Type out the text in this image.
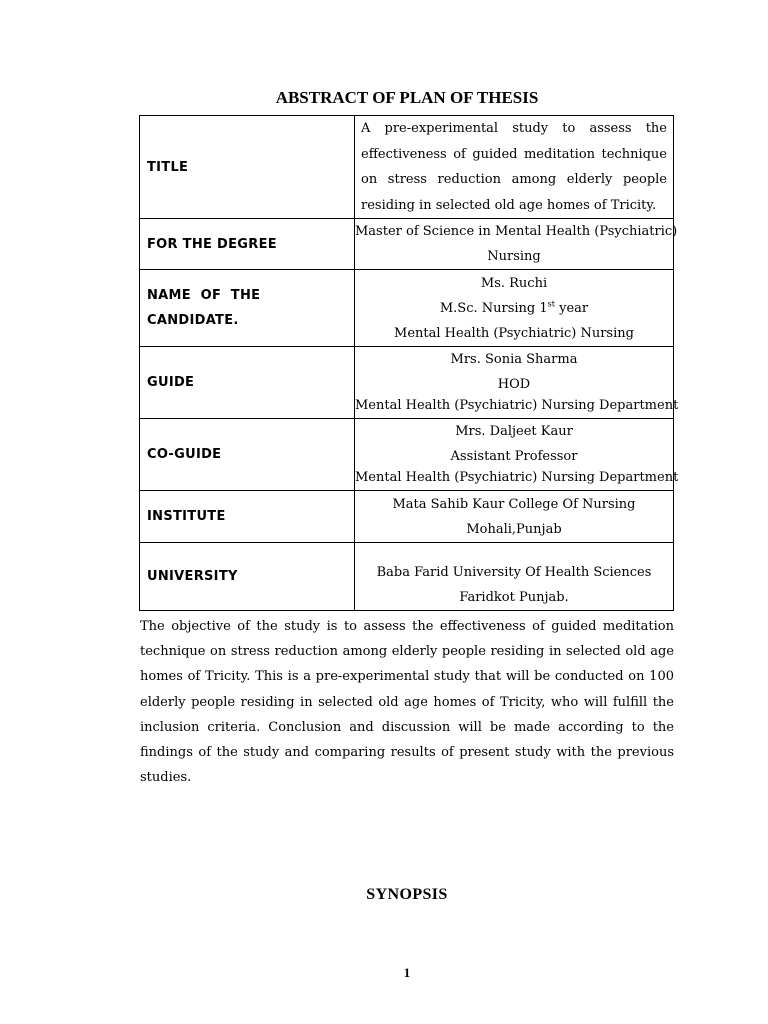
ABSTRACT OF PLAN OF THESIS
TITLE	A pre-experimental study to assess the effectiveness of guided meditation technique on stress reduction among elderly people residing in selected old age homes of Tricity.

FOR THE DEGREE	Master of Science in Mental Health (Psychiatric)
Nursing

NAME  OF  THE
CANDIDATE.	Ms. Ruchi
M.Sc. Nursing 1st year
Mental Health (Psychiatric) Nursing

GUIDE	Mrs. Sonia Sharma
HOD
Mental Health (Psychiatric) Nursing Department

CO-GUIDE	Mrs. Daljeet Kaur
Assistant Professor
Mental Health (Psychiatric) Nursing Department

INSTITUTE	Mata Sahib Kaur College Of Nursing
Mohali,Punjab

UNIVERSITY	Baba Farid University Of Health Sciences
Faridkot Punjab.

The objective of the study is to assess the effectiveness of guided meditation technique on stress reduction among elderly people residing in selected old age homes of Tricity. This is a pre-experimental study that will be conducted on 100 elderly people residing in selected old age homes of Tricity, who will fulfill the inclusion criteria. Conclusion and discussion will be made according to the findings of the study and comparing results of present study with the previous studies.

SYNOPSIS
1
